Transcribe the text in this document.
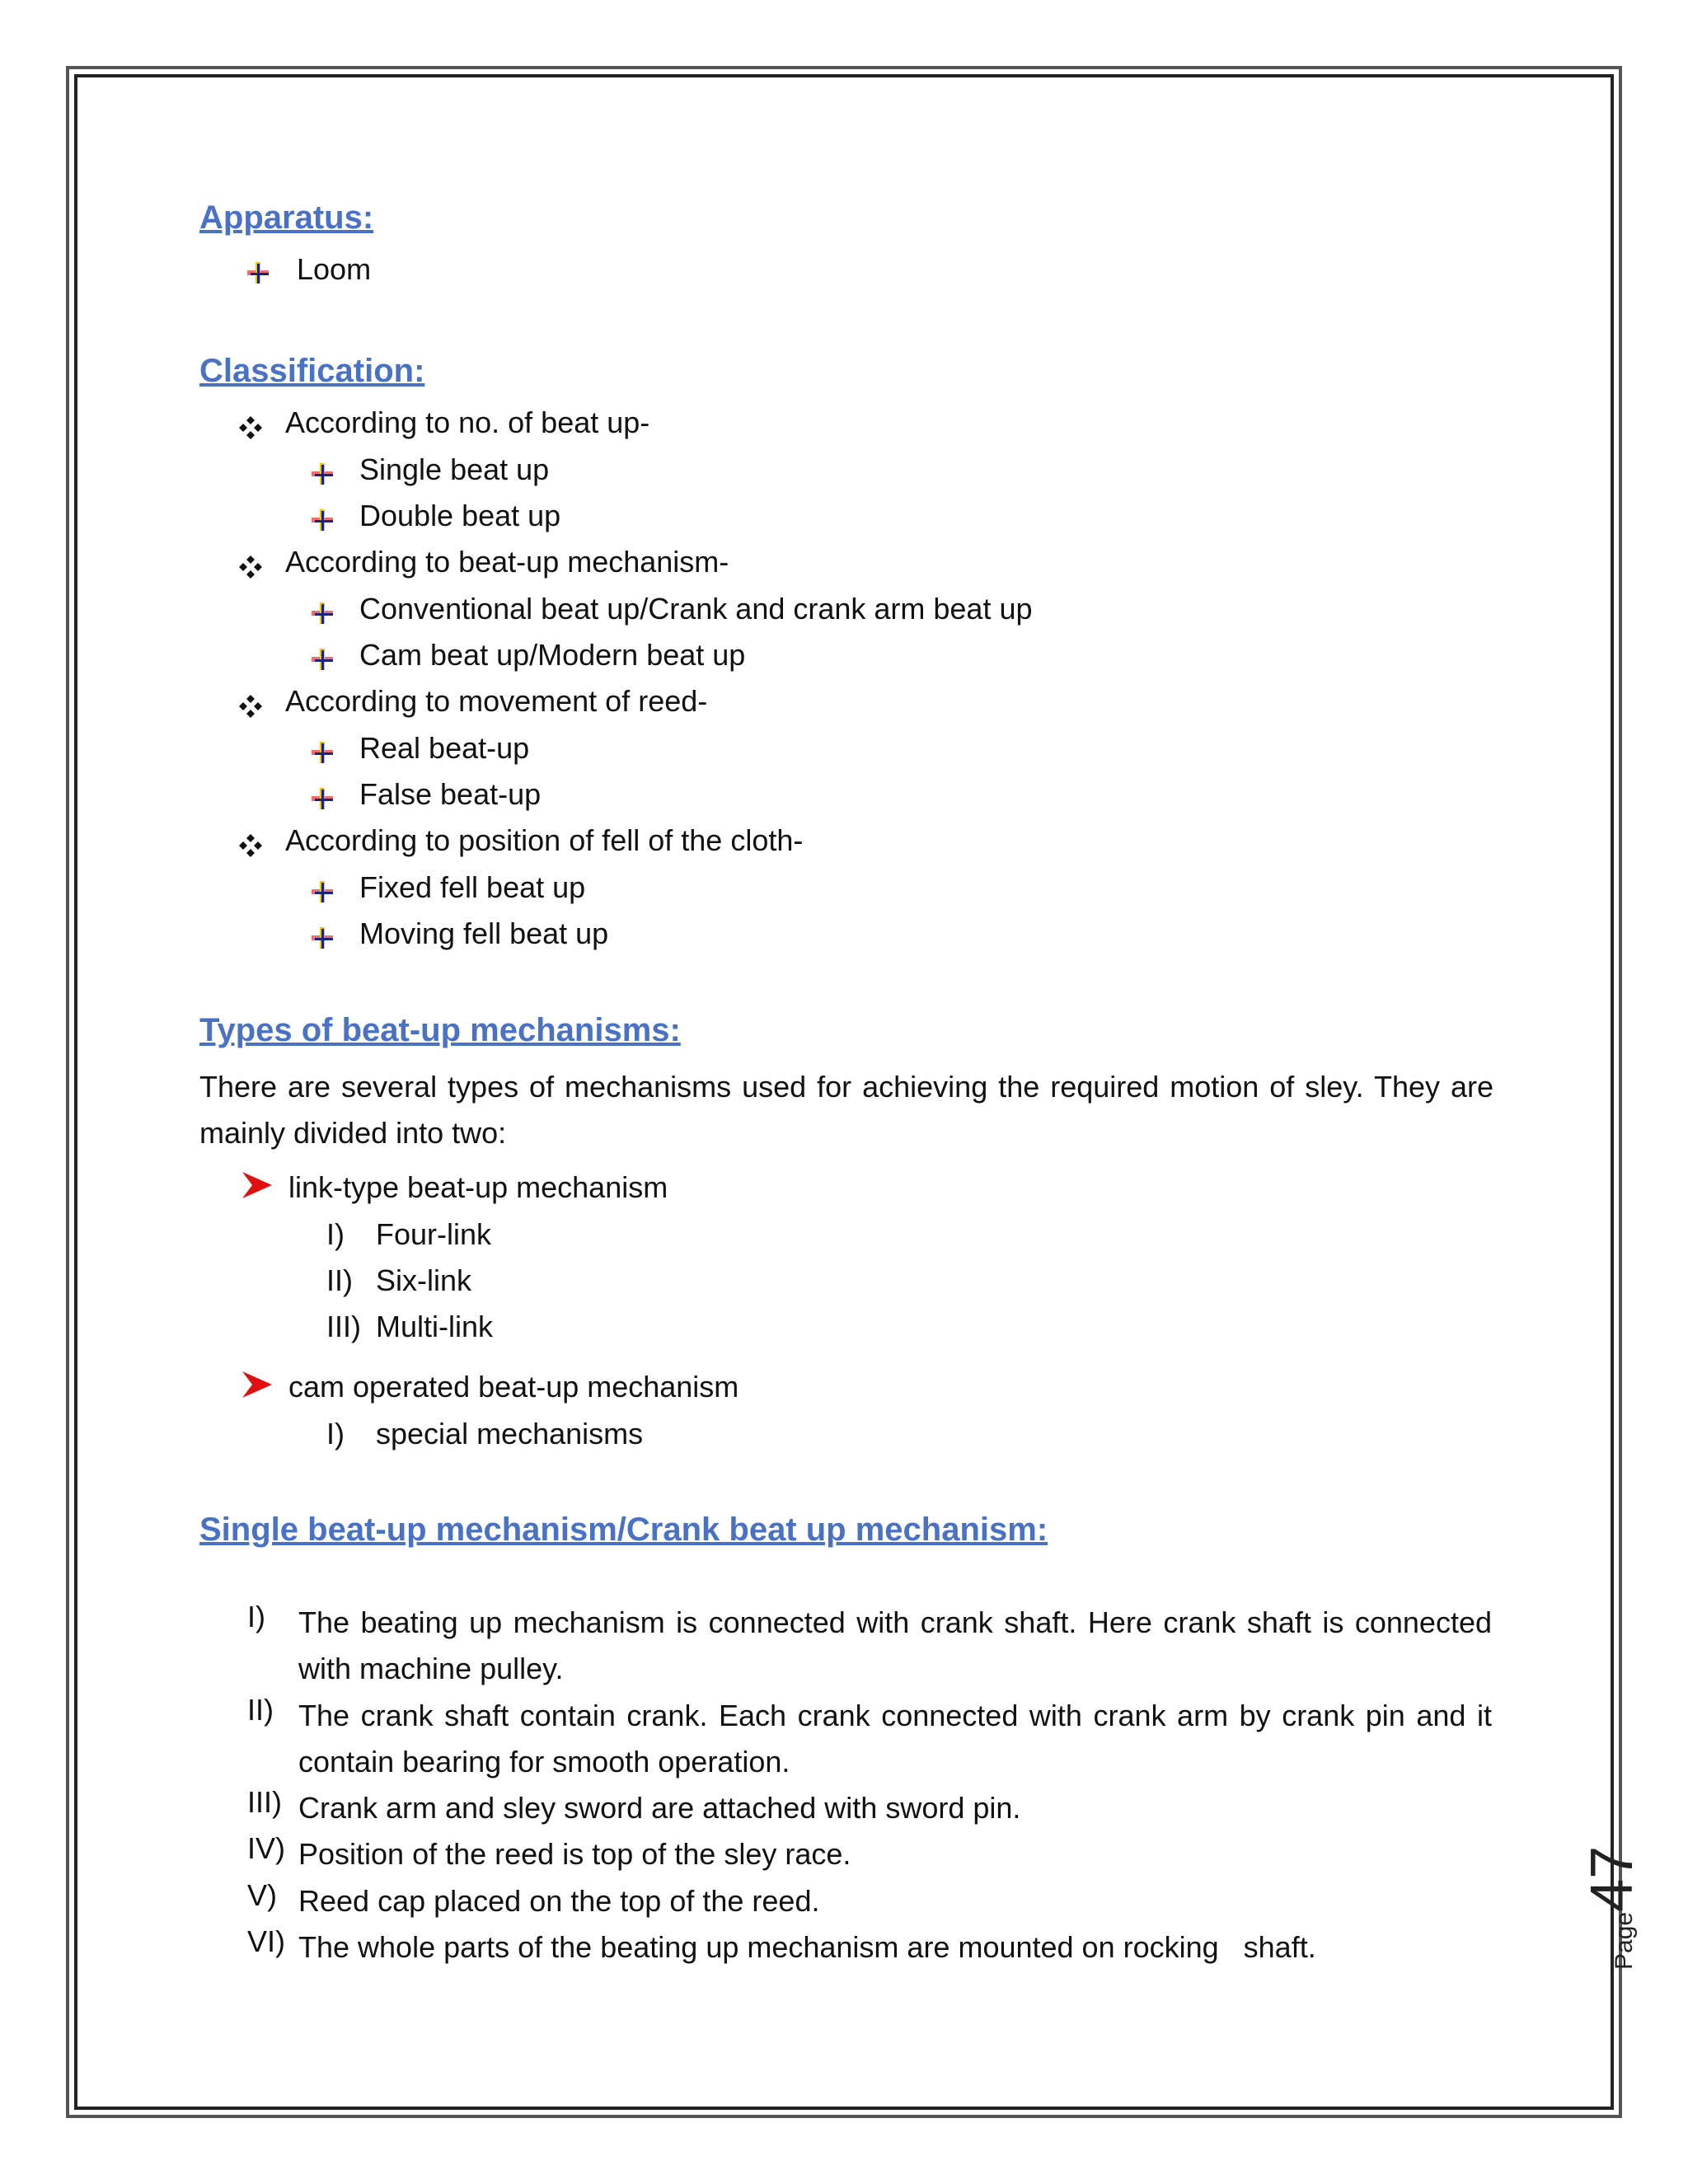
Apparatus:
Loom
Classification:
According to no. of beat up-
Single beat up
Double beat up
According to beat-up mechanism-
Conventional beat up/Crank and crank arm beat up
Cam beat up/Modern beat up
According to movement of reed-
Real beat-up
False beat-up
According to position of fell of the cloth-
Fixed fell beat up
Moving fell beat up
Types of beat-up mechanisms:
There are several types of mechanisms used for achieving the required motion of sley. They are mainly divided into two:
link-type beat-up mechanism
I) Four-link
II) Six-link
III) Multi-link
cam operated beat-up mechanism
I) special mechanisms
Single beat-up mechanism/Crank beat up mechanism:
I) The beating up mechanism is connected with crank shaft. Here crank shaft is connected with machine pulley.
II) The crank shaft contain crank. Each crank connected with crank arm by crank pin and it contain bearing for smooth operation.
III) Crank arm and sley sword are attached with sword pin.
IV) Position of the reed is top of the sley race.
V) Reed cap placed on the top of the reed.
VI) The whole parts of the beating up mechanism are mounted on rocking   shaft.	Page47
